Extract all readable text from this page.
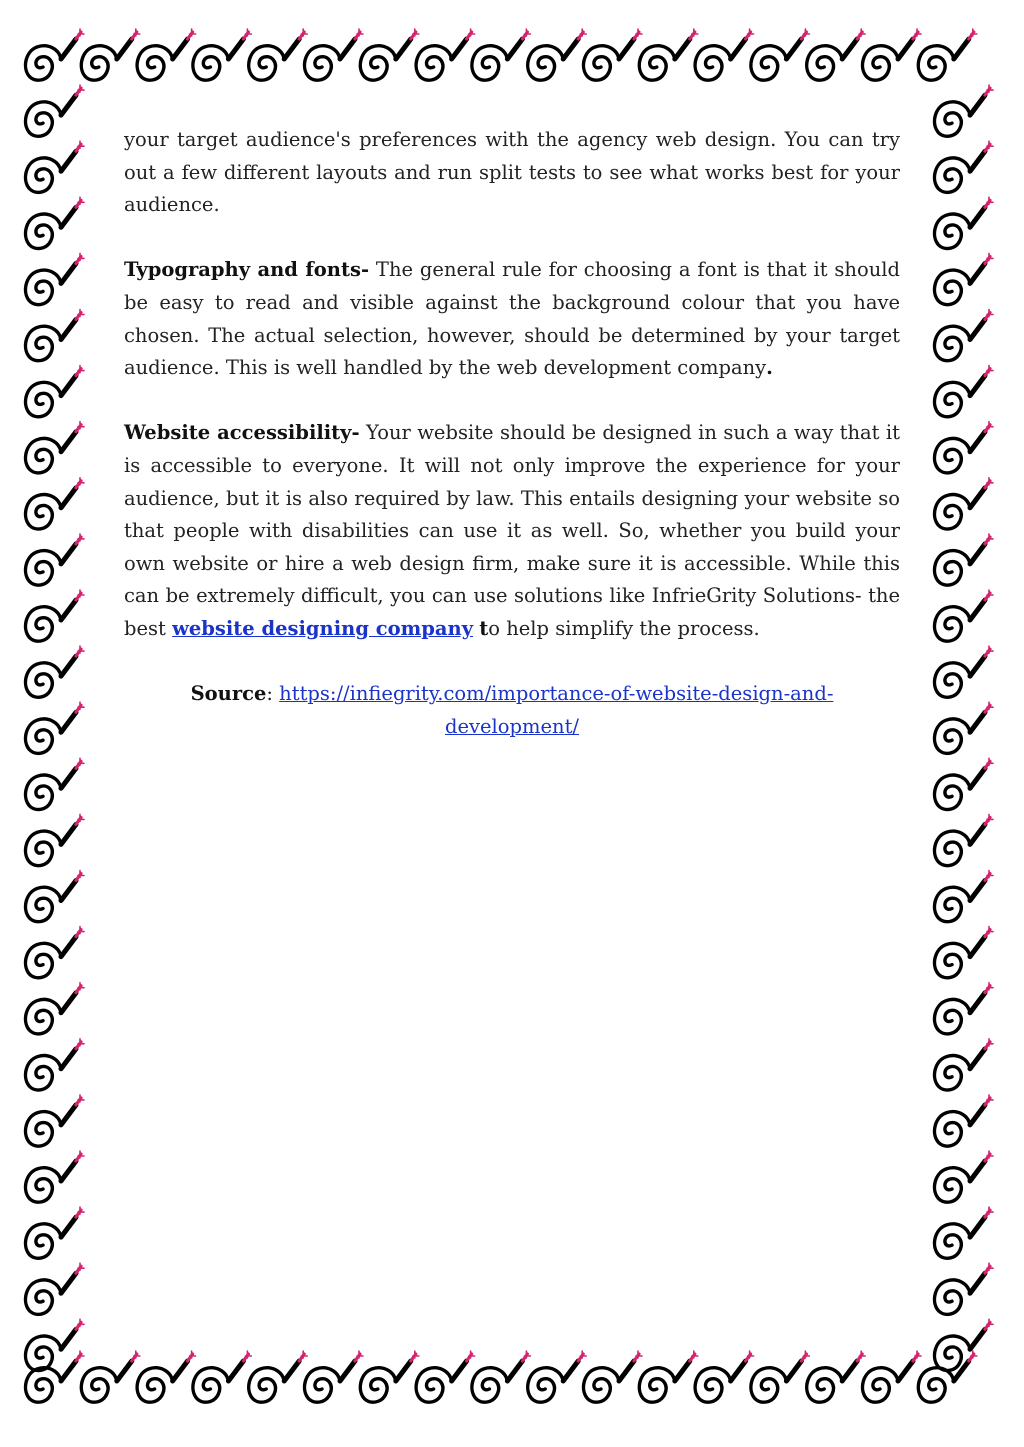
your target audience's preferences with the agency web design. You can try out a few different layouts and run split tests to see what works best for your audience.

Typography and fonts- The general rule for choosing a font is that it should be easy to read and visible against the background colour that you have chosen. The actual selection, however, should be determined by your target audience. This is well handled by the web development company.

Website accessibility- Your website should be designed in such a way that it is accessible to everyone. It will not only improve the experience for your audience, but it is also required by law. This entails designing your website so that people with disabilities can use it as well. So, whether you build your own website or hire a web design firm, make sure it is accessible. While this can be extremely difficult, you can use solutions like InfrieGrity Solutions- the best website designing company to help simplify the process.

Source: https://infiegrity.com/importance-of-website-design-and-development/
